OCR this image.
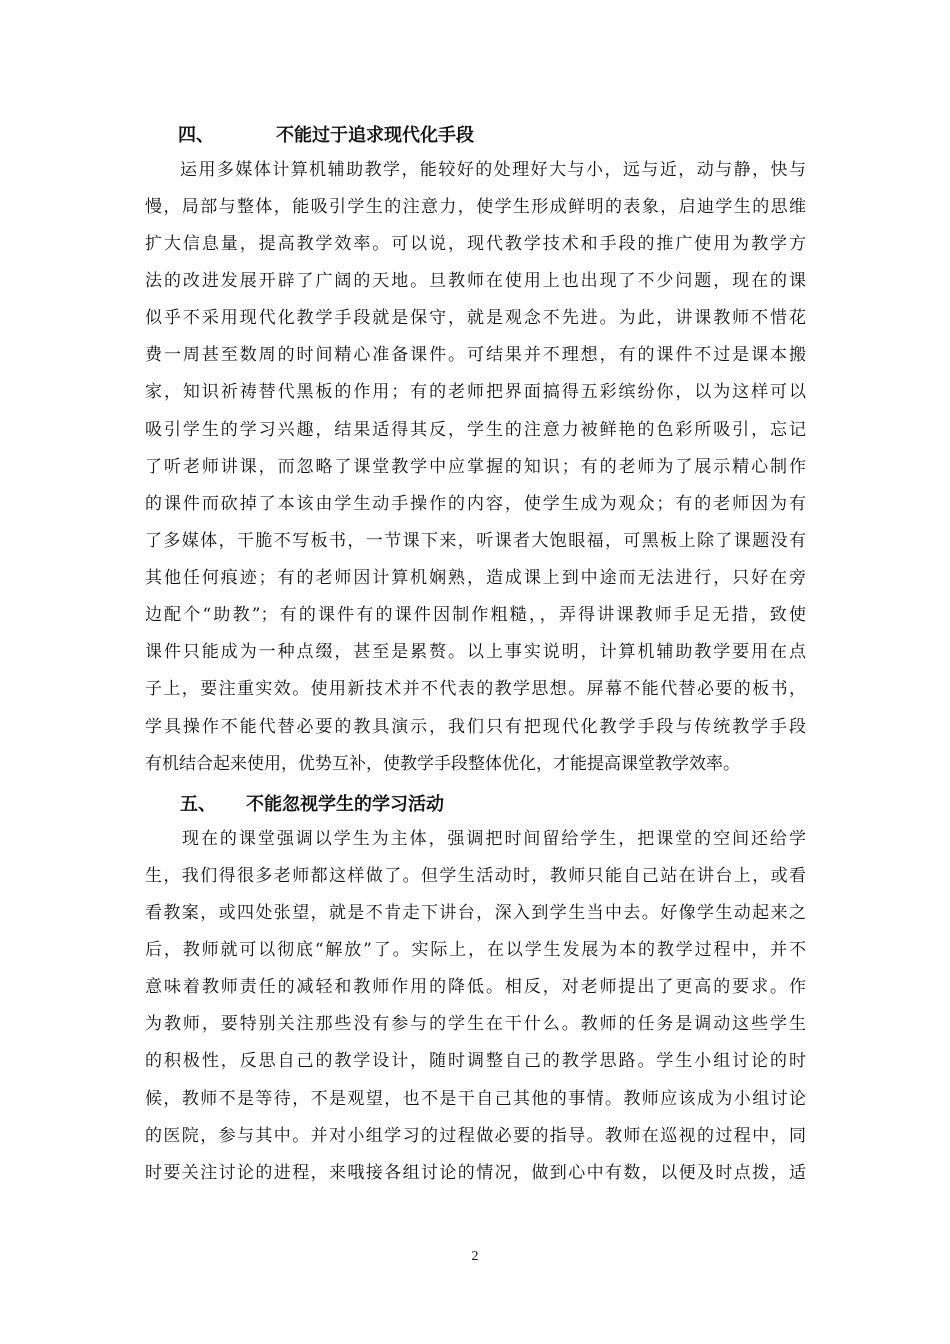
四、	不能过于追求现代化手段
运用多媒体计算机辅助教学，能较好的处理好大与小，远与近，动与静，快与
慢，局部与整体，能吸引学生的注意力，使学生形成鲜明的表象，启迪学生的思维
扩大信息量，提高教学效率。可以说，现代教学技术和手段的推广使用为教学方
法的改进发展开辟了广阔的天地。旦教师在使用上也出现了不少问题，现在的课
似乎不采用现代化教学手段就是保守，就是观念不先进。为此，讲课教师不惜花
费一周甚至数周的时间精心准备课件。可结果并不理想，有的课件不过是课本搬
家，知识祈祷替代黑板的作用；有的老师把界面搞得五彩缤纷你，以为这样可以
吸引学生的学习兴趣，结果适得其反，学生的注意力被鲜艳的色彩所吸引，忘记
了听老师讲课，而忽略了课堂教学中应掌握的知识；有的老师为了展示精心制作
的课件而砍掉了本该由学生动手操作的内容，使学生成为观众；有的老师因为有
了多媒体，干脆不写板书，一节课下来，听课者大饱眼福，可黑板上除了课题没有
其他任何痕迹；有的老师因计算机娴熟，造成课上到中途而无法进行，只好在旁
边配个“助教”；有的课件有的课件因制作粗糙，，弄得讲课教师手足无措，致使
课件只能成为一种点缀，甚至是累赘。以上事实说明，计算机辅助教学要用在点
子上，要注重实效。使用新技术并不代表的教学思想。屏幕不能代替必要的板书，
学具操作不能代替必要的教具演示，我们只有把现代化教学手段与传统教学手段
有机结合起来使用，优势互补，使教学手段整体优化，才能提高课堂教学效率。
五、 不能忽视学生的学习活动
现在的课堂强调以学生为主体，强调把时间留给学生，把课堂的空间还给学
生，我们得很多老师都这样做了。但学生活动时，教师只能自己站在讲台上，或看
看教案，或四处张望，就是不肯走下讲台，深入到学生当中去。好像学生动起来之
后，教师就可以彻底“解放”了。实际上，在以学生发展为本的教学过程中，并不
意味着教师责任的减轻和教师作用的降低。相反，对老师提出了更高的要求。作
为教师，要特别关注那些没有参与的学生在干什么。教师的任务是调动这些学生
的积极性，反思自己的教学设计，随时调整自己的教学思路。学生小组讨论的时
候，教师不是等待，不是观望，也不是干自己其他的事情。教师应该成为小组讨论
的医院，参与其中。并对小组学习的过程做必要的指导。教师在巡视的过程中，同
时要关注讨论的进程，来哦接各组讨论的情况，做到心中有数，以便及时点拨，适
2
